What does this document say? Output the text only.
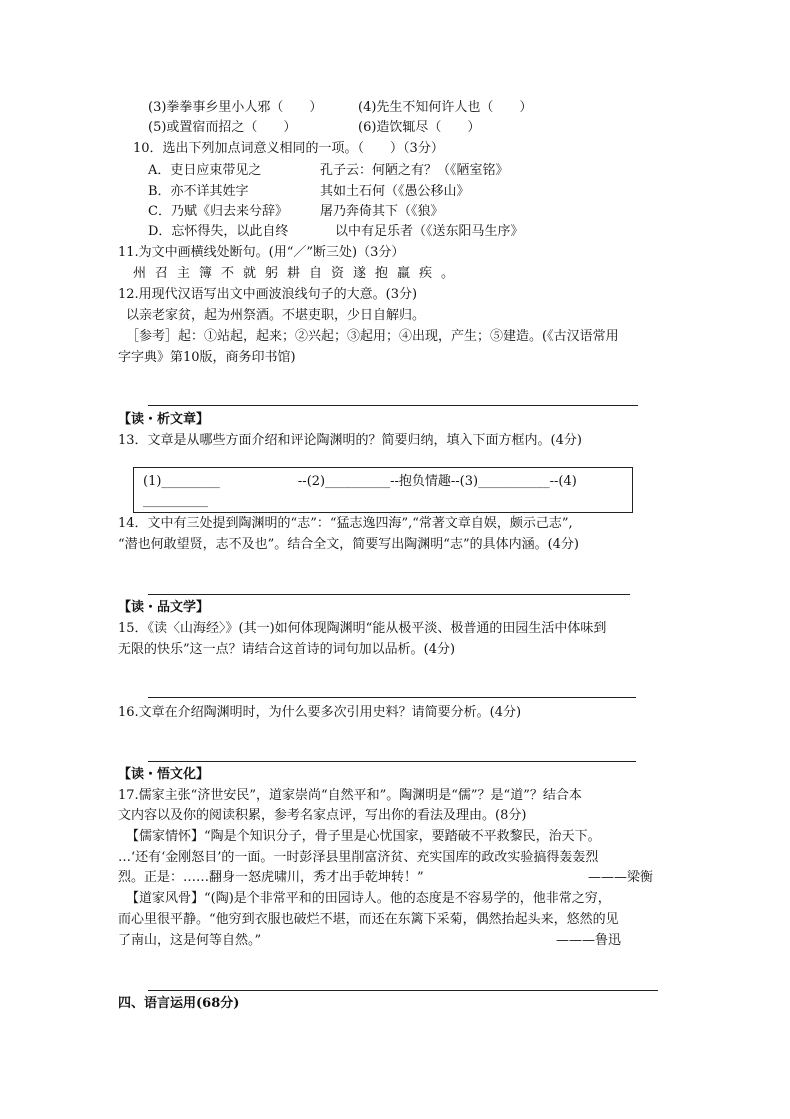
(3)拳拳事乡里小人邪（　　）	(4)先生不知何许人也（　　）
(5)或置宿而招之（　　）	(6)造饮辄尽（　　）
10．选出下列加点词意义相同的一项。（　　）（3分）
A．吏日应束带见之	孔子云：何陋之有？（《陋室铭》
B．亦不详其姓字	其如土石何（《愚公移山》
C．乃赋《归去来兮辞》 屠乃奔倚其下（《狼》
D．忘怀得失，以此自终	以中有足乐者（《送东阳马生序》
11.为文中画横线处断句。(用“／”断三处)（3分）
州召主簿不就躬耕自资遂抱羸疾。
12.用现代汉语写出文中画波浪线句子的大意。(3分)
以亲老家贫，起为州祭酒。不堪吏职，少日自解归。
［参考］起：①站起，起来；②兴起；③起用；④出现，产生；⑤建造。(《古汉语常用
字字典》第10版，商务印书馆)
【读・析文章】
13．文章是从哪些方面介绍和评论陶渊明的？简要归纳，填入下面方框内。(4分)
(1)_________　　　　　　--(2)__________--抱负情趣--(3)___________--(4)
__________
14．文中有三处提到陶渊明的“志”：“猛志逸四海”,“常著文章自娱，颇示己志”,
“潜也何敢望贤，志不及也”。结合全文，简要写出陶渊明“志”的具体内涵。(4分)
【读・品文学】
15．《读〈山海经〉》(其一)如何体现陶渊明“能从极平淡、极普通的田园生活中体味到
无限的快乐”这一点？请结合这首诗的词句加以品析。(4分)
16.文章在介绍陶渊明时，为什么要多次引用史料？请简要分析。(4分)
【读・悟文化】
17.儒家主张“济世安民”，道家崇尚“自然平和”。陶渊明是“儒”？是“道”？结合本
文内容以及你的阅读积累，参考名家点评，写出你的看法及理由。(8分)
【儒家情怀】“陶是个知识分子，骨子里是心忧国家，要踏破不平救黎民，治天下。
…‘还有‘金刚怒目’的一面。一时彭泽县里削富济贫、充实国库的政改实验搞得轰轰烈
烈。正是：……翻身一怒虎啸川，秀才出手乾坤转！”	———梁衡
【道家风骨】“(陶)是个非常平和的田园诗人。他的态度是不容易学的，他非常之穷，
而心里很平静。“他穷到衣服也破烂不堪，而还在东篱下采菊，偶然抬起头来，悠然的见
了南山，这是何等自然。”	———鲁迅
四、语言运用(68分)
